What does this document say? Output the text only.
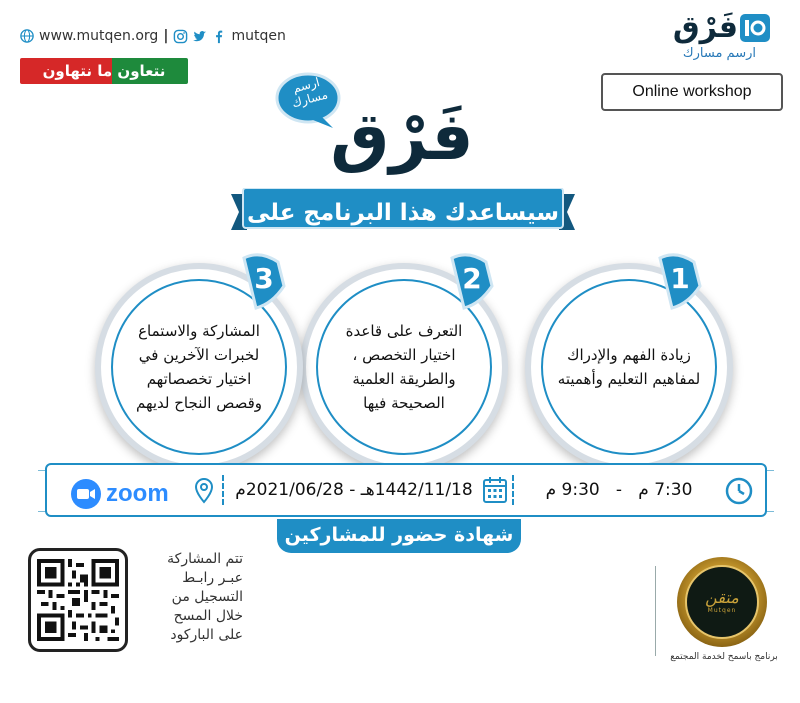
www.mutqen.org |	mutqen
نتعاون ما نتهاون
فَرْق
ارسم مسارك
Online workshop
ارسم مسارك فَرْق
سيساعدك هذا البرنامج على
زيادة الفهم والإدراك لمفاهيم التعليم وأهميته
1
التعرف على قاعدة اختيار التخصص ، والطريقة العلمية الصحيحة فيها
2
المشاركة والاستماع لخبرات الآخرين في اختيار تخصصاتهم وقصص النجاح لديهم
3
zoom	1442/11/18هـ - 2021/06/28م	7:30 م   -   9:30 م
شهادة حضور للمشاركين
تتم المشاركة
عبـر رابـط
التسجيل من
خلال المسح
على الباركود
متقن
Mutqen
برنامج باسمح لخدمة المجتمع
